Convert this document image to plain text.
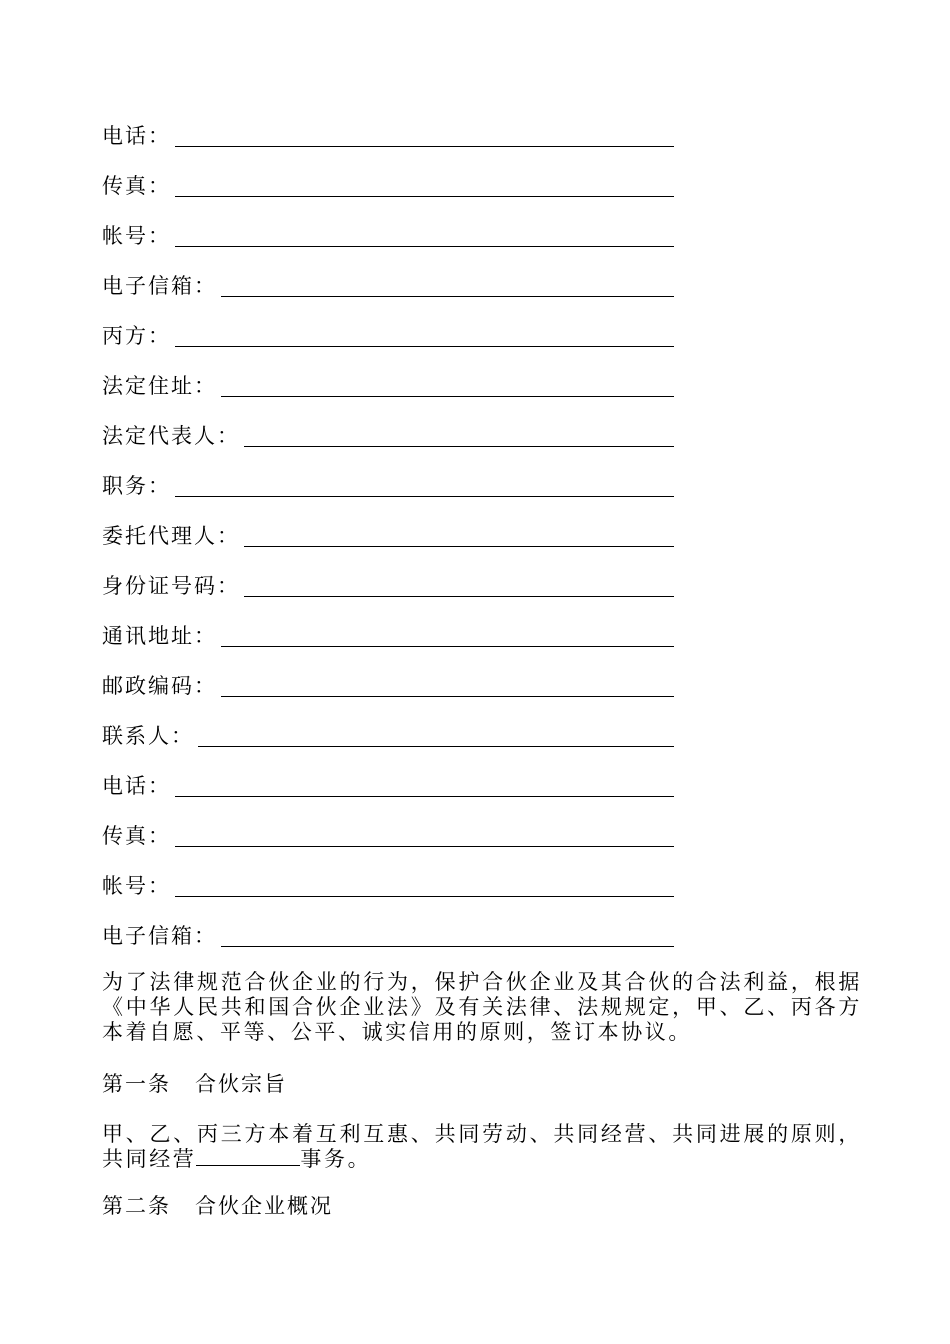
电话：
传真：
帐号：
电子信箱：
丙方：
法定住址：
法定代表人：
职务：
委托代理人：
身份证号码：
通讯地址：
邮政编码：
联系人：
电话：
传真：
帐号：
电子信箱：

为了法律规范合伙企业的行为，保护合伙企业及其合伙的合法利益，根据《中华人民共和国合伙企业法》及有关法律、法规规定，甲、乙、丙各方本着自愿、平等、公平、诚实信用的原则，签订本协议。

第一条 合伙宗旨

甲、乙、丙三方本着互利互惠、共同劳动、共同经营、共同进展的原则，共同经营	事务。

第二条 合伙企业概况
